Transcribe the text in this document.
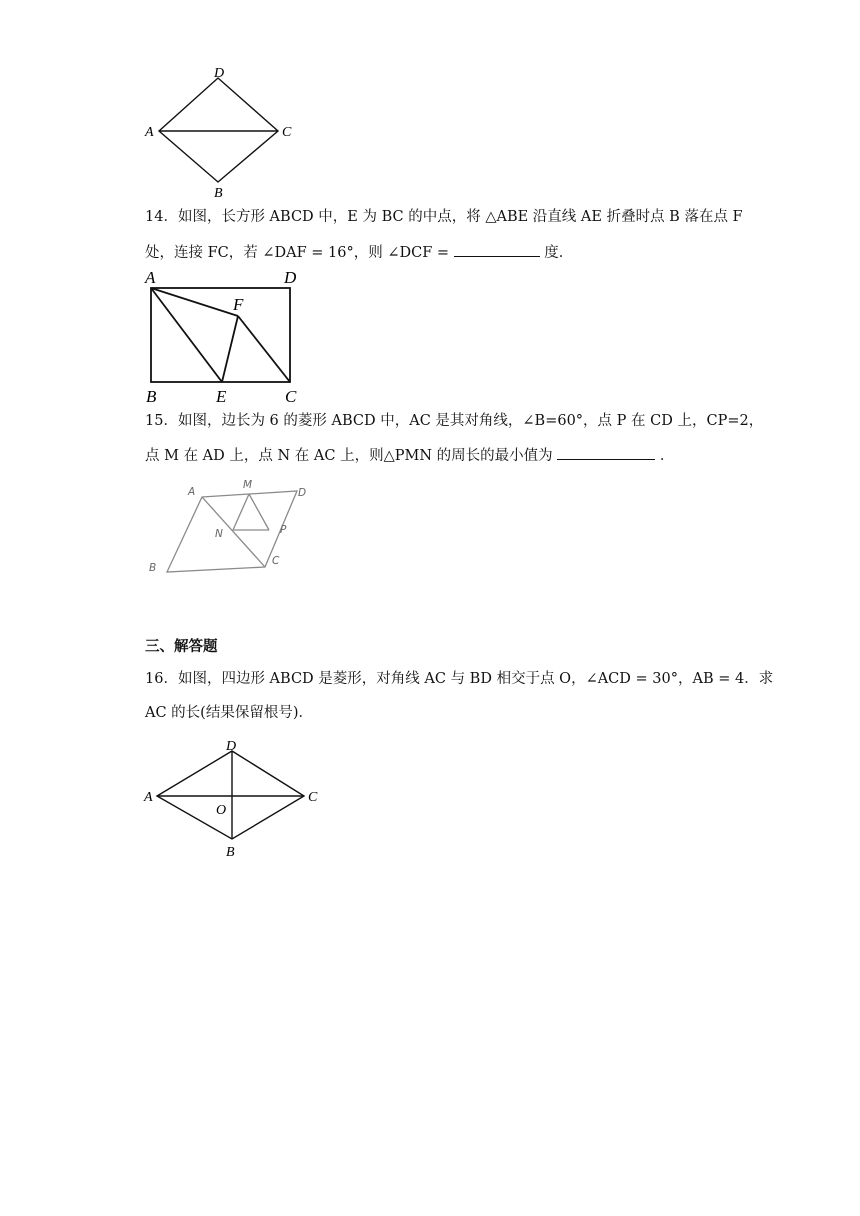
D
A	C
B
14．如图，长方形 ABCD 中，E 为 BC 的中点，将 △ABE 沿直线 AE 折叠时点 B 落在点 F
处，连接 FC，若 ∠DAF = 16°，则 ∠DCF =	度．
A	D
F
B	E	C
15．如图，边长为 6 的菱形 ABCD 中，AC 是其对角线，∠B=60°，点 P 在 CD 上，CP=2，
点 M 在 AD 上，点 N 在 AC 上，则△PMN 的周长的最小值为	．
A
M
D
N	P
C
B
三、解答题
16．如图，四边形 ABCD 是菱形，对角线 AC 与 BD 相交于点 O，∠ACD = 30°，AB = 4．求
AC 的长(结果保留根号)．
D
A	C
O
B
